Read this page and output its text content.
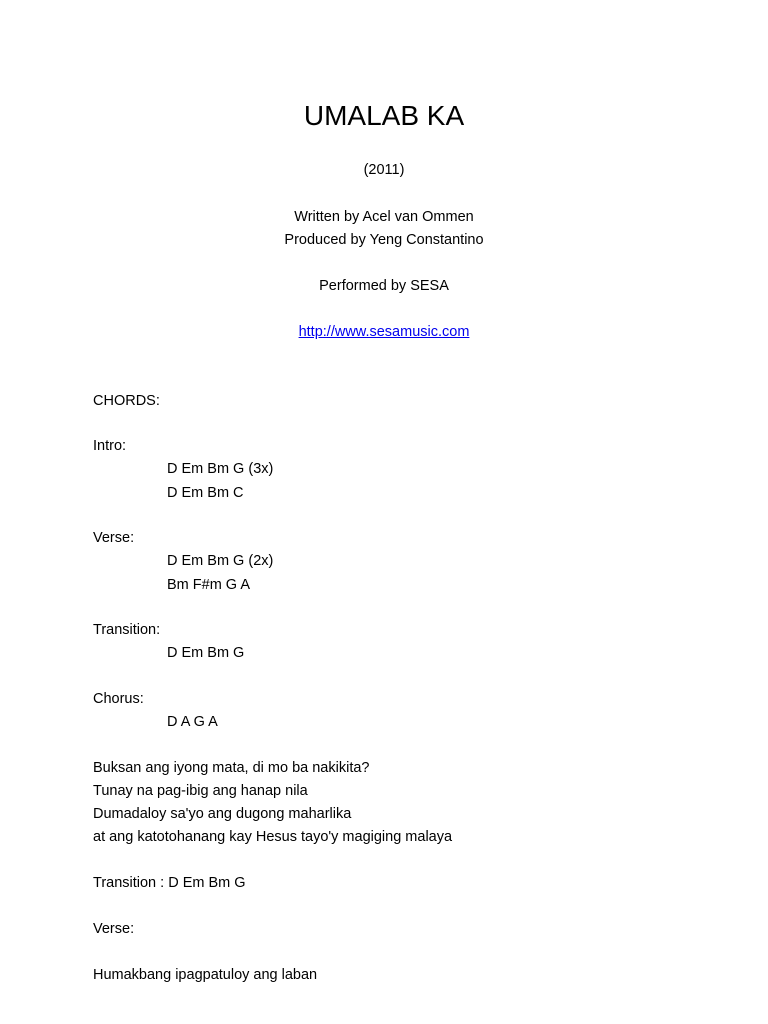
UMALAB KA
(2011)
Written by Acel van Ommen
Produced by Yeng Constantino
Performed by SESA
http://www.sesamusic.com
CHORDS:
Intro:
D Em Bm G (3x)
D Em Bm C
Verse:
D Em Bm G (2x)
Bm F#m G A
Transition:
D Em Bm G
Chorus:
D A G A
Buksan ang iyong mata, di mo ba nakikita?
Tunay na pag-ibig ang hanap nila
Dumadaloy sa'yo ang dugong maharlika
at ang katotohanang kay Hesus tayo'y magiging malaya
Transition : D Em Bm G
Verse:
Humakbang ipagpatuloy ang laban
